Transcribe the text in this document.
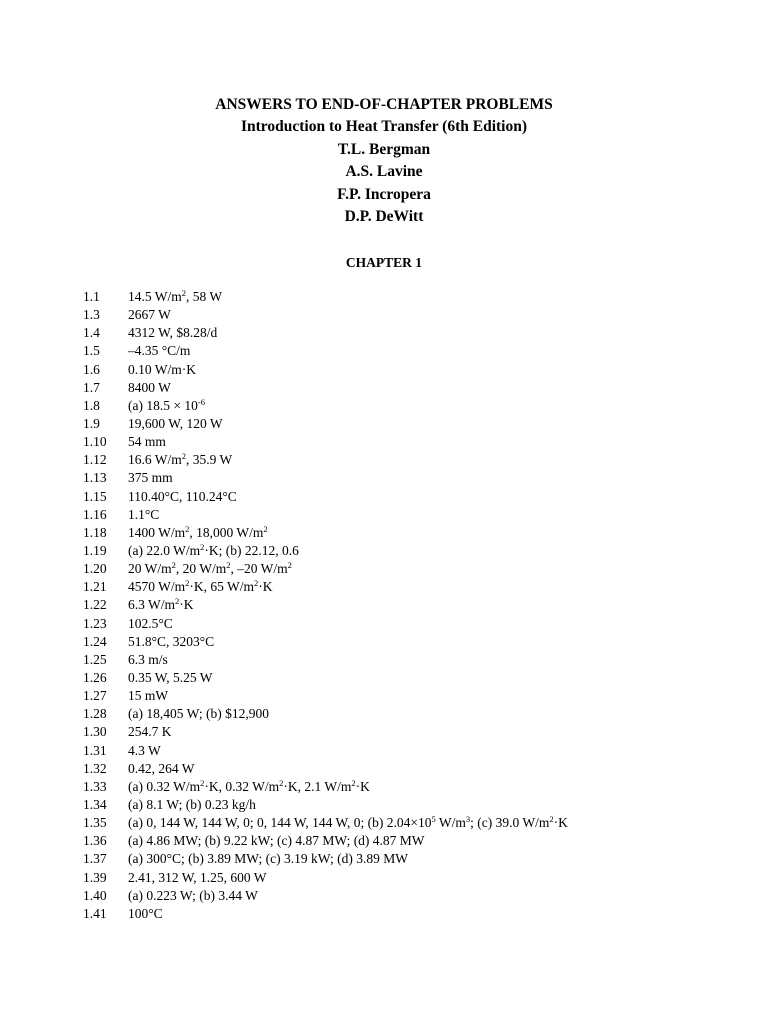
ANSWERS TO END-OF-CHAPTER PROBLEMS
Introduction to Heat Transfer (6th Edition)
T.L. Bergman
A.S. Lavine
F.P. Incropera
D.P. DeWitt
CHAPTER 1
1.1	14.5 $W/m^2$, 58 W
1.3	2667 W
1.4	4312 W, $8.28/d
1.5	–4.35 °C/m
1.6	0.10 W/m·K
1.7	8400 W
1.8	(a) $18.5 \times 10^{-6}$
1.9	19,600 W, 120 W
1.10	54 mm
1.12	16.6 $W/m^2$, 35.9 W
1.13	375 mm
1.15	110.40°C, 110.24°C
1.16	1.1°C
1.18	1400 $W/m^2$, 18,000 $W/m^2$
1.19	(a) 22.0 $W/m^2\cdot K$; (b) 22.12, 0.6
1.20	20 $W/m^2$, 20 $W/m^2$, –20 $W/m^2$
1.21	4570 $W/m^2\cdot K$, 65 $W/m^2\cdot K$
1.22	6.3 $W/m^2\cdot K$
1.23	102.5°C
1.24	51.8°C, 3203°C
1.25	6.3 m/s
1.26	0.35 W, 5.25 W
1.27	15 mW
1.28	(a) 18,405 W; (b) $12,900
1.30	254.7 K
1.31	4.3 W
1.32	0.42, 264 W
1.33	(a) 0.32 $W/m^2\cdot K$, 0.32 $W/m^2\cdot K$, 2.1 $W/m^2\cdot K$
1.34	(a) 8.1 W; (b) 0.23 kg/h
1.35	(a) 0, 144 W, 144 W, 0; 0, 144 W, 144 W, 0; (b) $2.04\times 10^5$ $W/m^3$; (c) 39.0 $W/m^2\cdot K$
1.36	(a) 4.86 MW; (b) 9.22 kW; (c) 4.87 MW; (d) 4.87 MW
1.37	(a) 300°C; (b) 3.89 MW; (c) 3.19 kW; (d) 3.89 MW
1.39	2.41, 312 W, 1.25, 600 W
1.40	(a) 0.223 W; (b) 3.44 W
1.41	100°C
